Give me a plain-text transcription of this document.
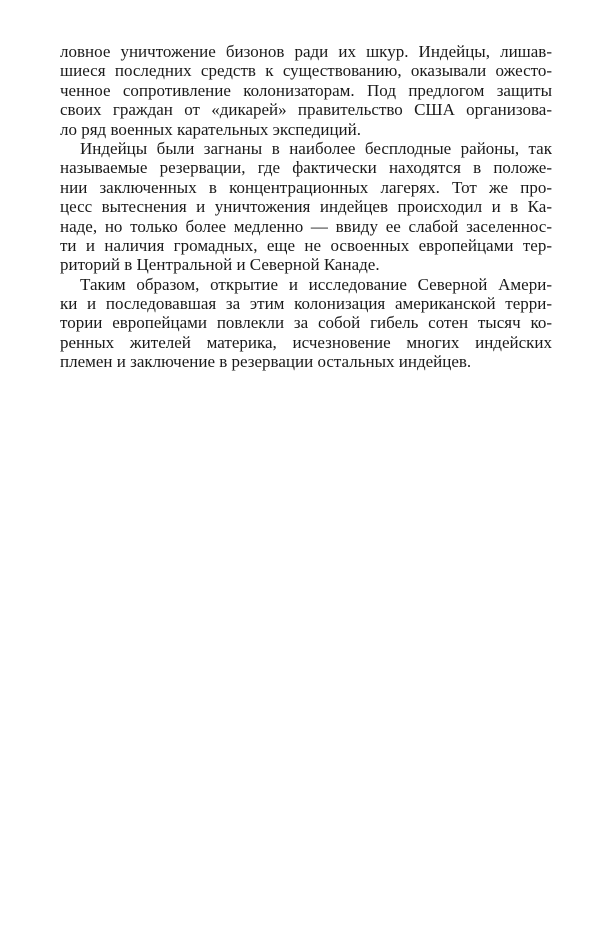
ловное уничтожение бизонов ради их шкур. Индейцы, лишав-
шиеся последних средств к существованию, оказывали ожесто-
ченное сопротивление колонизаторам. Под предлогом защиты
своих граждан от «дикарей» правительство США организова-
ло ряд военных карательных экспедиций.
Индейцы были загнаны в наиболее бесплодные районы, так
называемые резервации, где фактически находятся в положе-
нии заключенных в концентрационных лагерях. Тот же про-
цесс вытеснения и уничтожения индейцев происходил и в Ка-
наде, но только более медленно — ввиду ее слабой заселеннос-
ти и наличия громадных, еще не освоенных европейцами тер-
риторий в Центральной и Северной Канаде.
Таким образом, открытие и исследование Северной Амери-
ки и последовавшая за этим колонизация американской терри-
тории европейцами повлекли за собой гибель сотен тысяч ко-
ренных жителей материка, исчезновение многих индейских
племен и заключение в резервации остальных индейцев.
